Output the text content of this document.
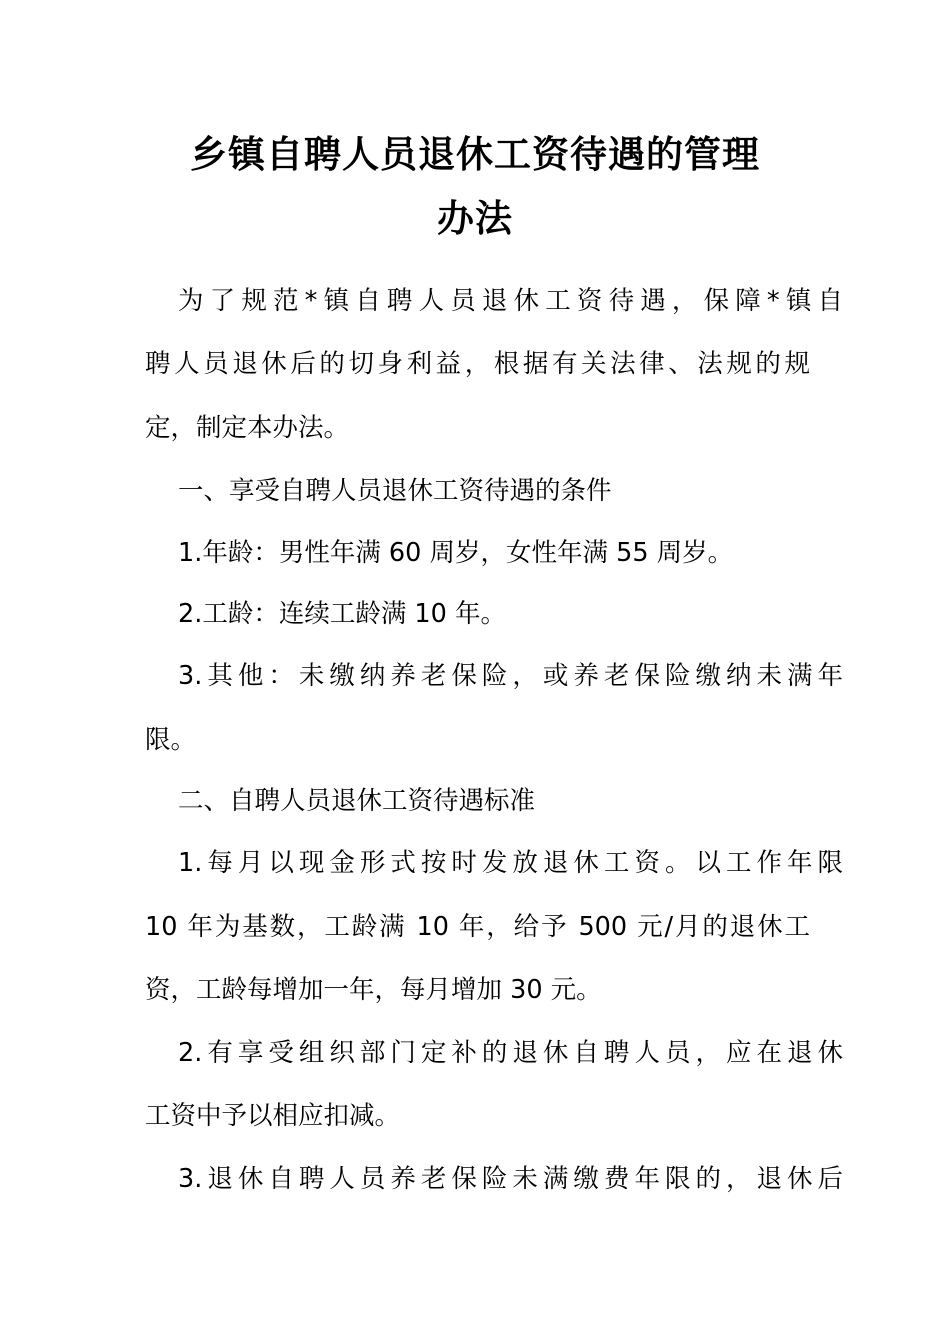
乡镇自聘人员退休工资待遇的管理
办法

为了规范*镇自聘人员退休工资待遇，保障*镇自

聘人员退休后的切身利益，根据有关法律、法规的规

定，制定本办法。

一、享受自聘人员退休工资待遇的条件

1.年龄：男性年满 60 周岁，女性年满 55 周岁。

2.工龄：连续工龄满 10 年。

3.其他：未缴纳养老保险，或养老保险缴纳未满年

限。

二、自聘人员退休工资待遇标准

1.每月以现金形式按时发放退休工资。以工作年限

10 年为基数，工龄满 10 年，给予 500 元/月的退休工

资，工龄每增加一年，每月增加 30 元。

2.有享受组织部门定补的退休自聘人员，应在退休

工资中予以相应扣减。

3.退休自聘人员养老保险未满缴费年限的，退休后
